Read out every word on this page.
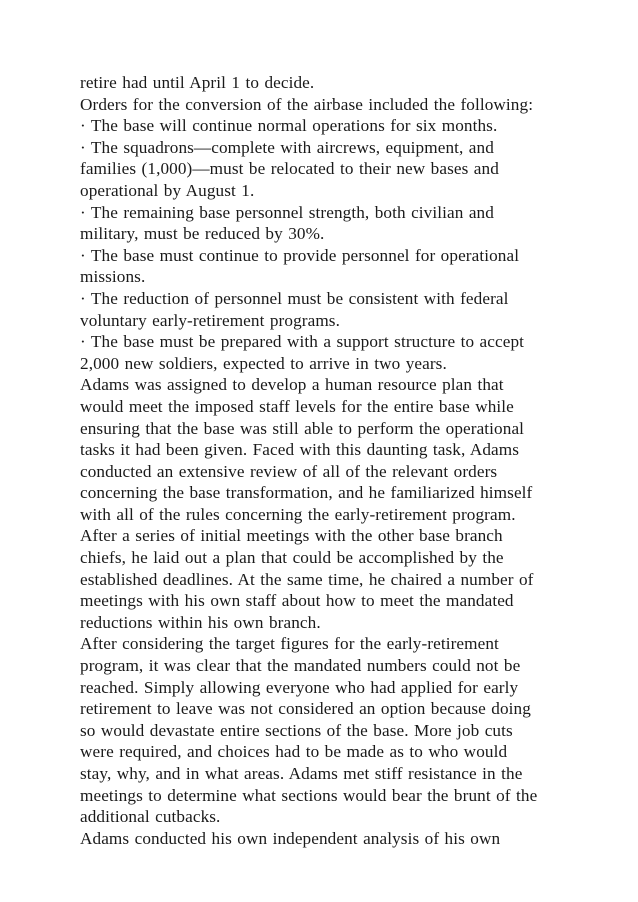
retire had until April 1 to decide.
Orders for the conversion of the airbase included the following:
· The base will continue normal operations for six months.
· The squadrons—complete with aircrews, equipment, and
families (1,000)—must be relocated to their new bases and
operational by August 1.
· The remaining base personnel strength, both civilian and
military, must be reduced by 30%.
· The base must continue to provide personnel for operational
missions.
· The reduction of personnel must be consistent with federal
voluntary early-retirement programs.
· The base must be prepared with a support structure to accept
2,000 new soldiers, expected to arrive in two years.
Adams was assigned to develop a human resource plan that
would meet the imposed staff levels for the entire base while
ensuring that the base was still able to perform the operational
tasks it had been given. Faced with this daunting task, Adams
conducted an extensive review of all of the relevant orders
concerning the base transformation, and he familiarized himself
with all of the rules concerning the early-retirement program.
After a series of initial meetings with the other base branch
chiefs, he laid out a plan that could be accomplished by the
established deadlines. At the same time, he chaired a number of
meetings with his own staff about how to meet the mandated
reductions within his own branch.
After considering the target figures for the early-retirement
program, it was clear that the mandated numbers could not be
reached. Simply allowing everyone who had applied for early
retirement to leave was not considered an option because doing
so would devastate entire sections of the base. More job cuts
were required, and choices had to be made as to who would
stay, why, and in what areas. Adams met stiff resistance in the
meetings to determine what sections would bear the brunt of the
additional cutbacks.
Adams conducted his own independent analysis of his own
